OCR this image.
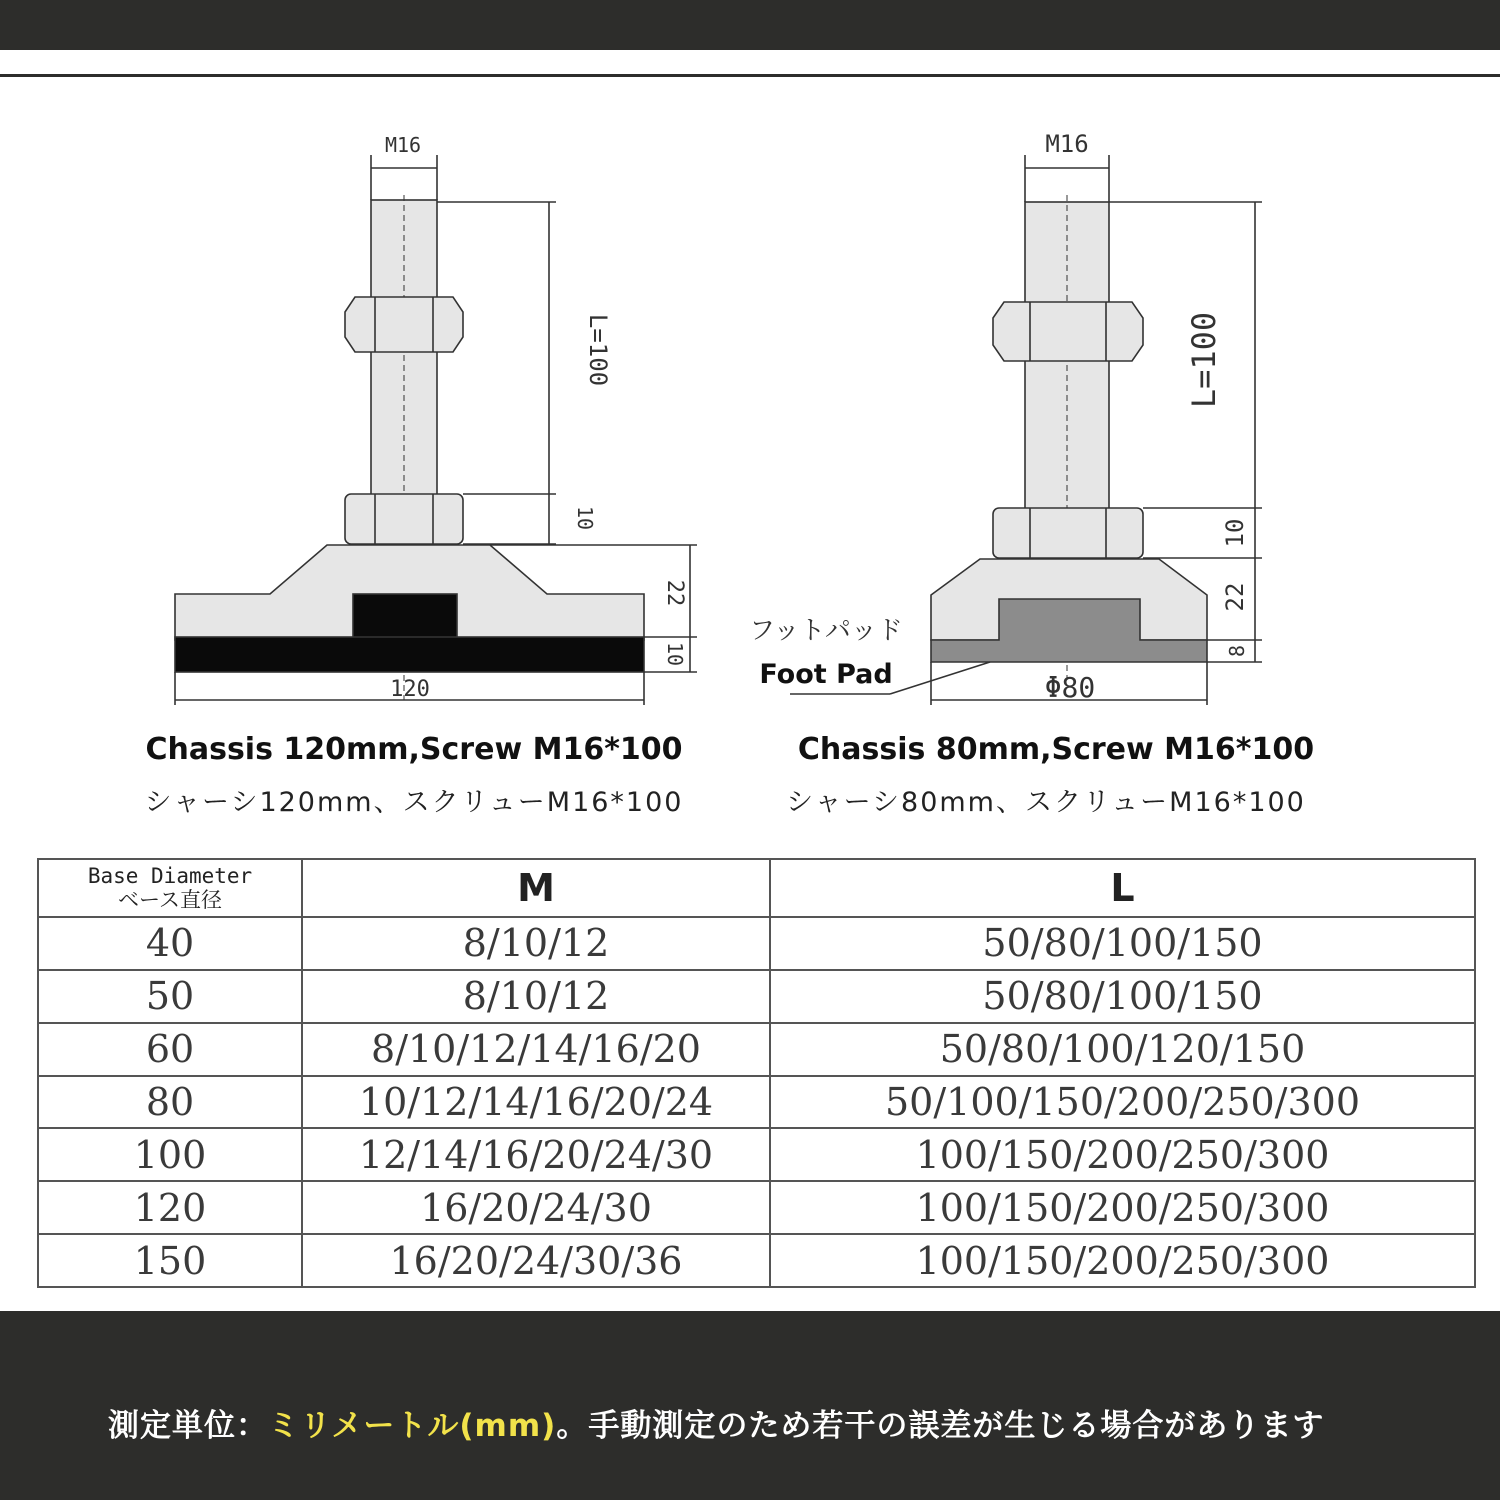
M16
L=100
10
22
10
120
M16
L=100
10
22
8
Φ80
フットパッド
Foot Pad
Chassis 120mm,Screw M16*100
シャーシ120mm、スクリューM16*100
Chassis 80mm,Screw M16*100
シャーシ80mm、スクリューM16*100
Base Diameter
ベース直径	M	L
40	8/10/12	50/80/100/150
50	8/10/12	50/80/100/150
60	8/10/12/14/16/20	50/80/100/120/150
80	10/12/14/16/20/24	50/100/150/200/250/300
100	12/14/16/20/24/30	100/150/200/250/300
120	16/20/24/30	100/150/200/250/300
150	16/20/24/30/36	100/150/200/250/300
測定単位：ミリメートル(mm)。手動測定のため若干の誤差が生じる場合があります
